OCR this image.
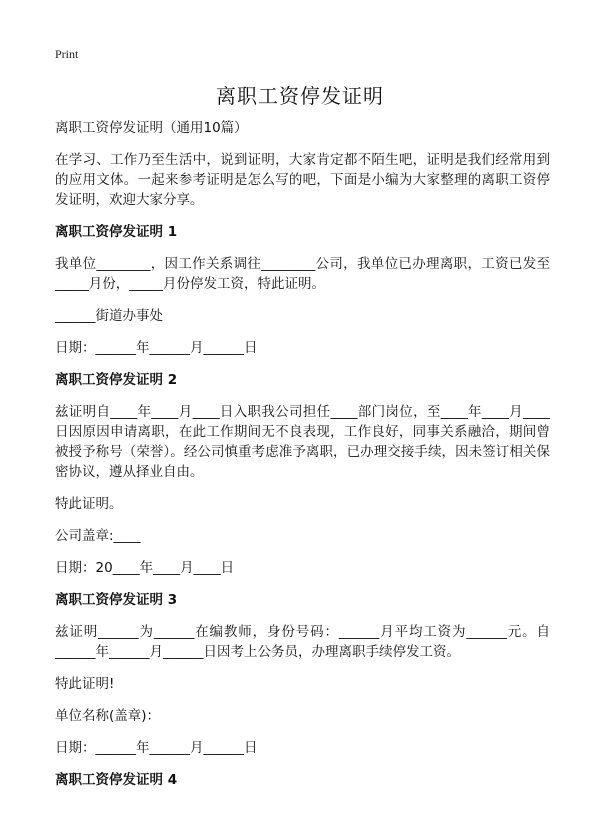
Print
离职工资停发证明

离职工资停发证明（通用10篇）

在学习、工作乃至生活中，说到证明，大家肯定都不陌生吧，证明是我们经常用到的应用文体。一起来参考证明是怎么写的吧，下面是小编为大家整理的离职工资停发证明，欢迎大家分享。

离职工资停发证明 1

我单位________，因工作关系调往________公司，我单位已办理离职，工资已发至_____月份，_____月份停发工资，特此证明。

______街道办事处

日期：______年______月______日

离职工资停发证明 2

兹证明自____年____月____日入职我公司担任____部门岗位，至____年____月____日因原因申请离职，在此工作期间无不良表现，工作良好，同事关系融洽，期间曾被授予称号（荣誉）。经公司慎重考虑准予离职，已办理交接手续，因未签订相关保密协议，遵从择业自由。

特此证明。

公司盖章:____

日期：20____年____月____日

离职工资停发证明 3

兹证明______为______在编教师，身份号码：______月平均工资为______元。自______年______月______日因考上公务员，办理离职手续停发工资。

特此证明!

单位名称(盖章)：

日期：______年______月______日

离职工资停发证明 4
